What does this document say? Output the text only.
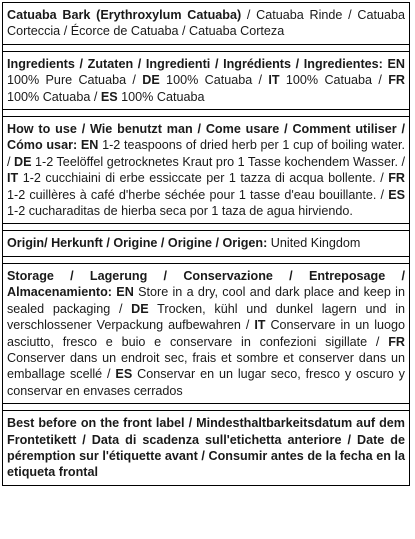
Catuaba Bark (Erythroxylum Catuaba) / Catuaba Rinde / Catuaba Corteccia / Écorce de Catuaba / Catuaba Corteza
Ingredients / Zutaten / Ingredienti / Ingrédients / Ingredientes: EN 100% Pure Catuaba / DE 100% Catuaba / IT 100% Catuaba / FR 100% Catuaba / ES 100% Catuaba
How to use / Wie benutzt man / Come usare / Comment utiliser / Cómo usar: EN 1-2 teaspoons of dried herb per 1 cup of boiling water. / DE 1-2 Teelöffel getrocknetes Kraut pro 1 Tasse kochendem Wasser. / IT 1-2 cucchiaini di erbe essiccate per 1 tazza di acqua bollente. / FR 1-2 cuillères à café d'herbe séchée pour 1 tasse d'eau bouillante. / ES 1-2 cucharaditas de hierba seca por 1 taza de agua hirviendo.
Origin/ Herkunft / Origine / Origine / Origen: United Kingdom
Storage / Lagerung / Conservazione / Entreposage / Almacenamiento: EN Store in a dry, cool and dark place and keep in sealed packaging / DE Trocken, kühl und dunkel lagern und in verschlossener Verpackung aufbewahren / IT Conservare in un luogo asciutto, fresco e buio e conservare in confezioni sigillate / FR Conserver dans un endroit sec, frais et sombre et conserver dans un emballage scellé / ES Conservar en un lugar seco, fresco y oscuro y conservar en envases cerrados
Best before on the front label / Mindesthaltbarkeitsdatum auf dem Frontetikett / Data di scadenza sull'etichetta anteriore / Date de péremption sur l'étiquette avant / Consumir antes de la fecha en la etiqueta frontal
